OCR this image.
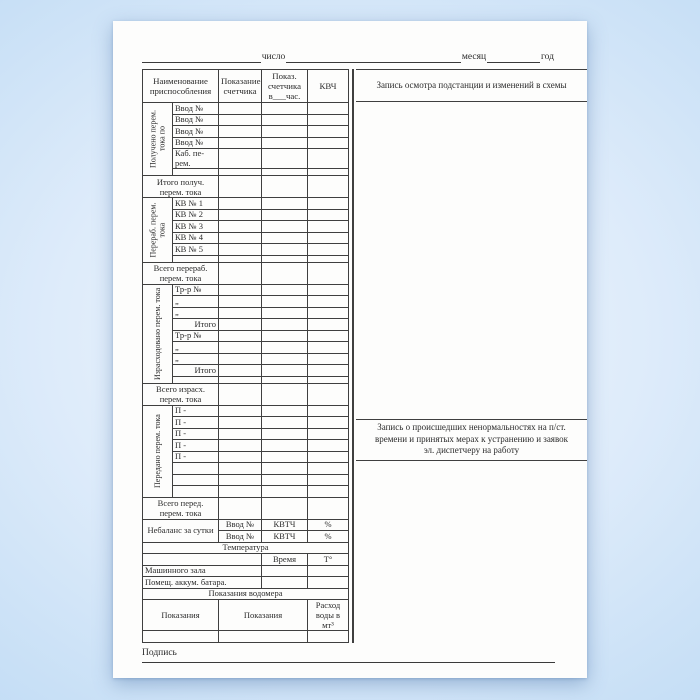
число	месяц	год
Наименование приспособления		Показание счетчика	Показ. счетчика в___час.	КВЧ

Получено перем. тока по	Ввод №			
	Ввод №			
	Ввод №			
	Ввод №			
	Каб. пе-рем.			

Итого получ. перем. тока				

Перераб. перем. тока	КВ № 1			
	КВ № 2			
	КВ № 3			
	КВ № 4			
	КВ № 5			

Всего перераб. перем. тока				

Израсходовано перем. тока	Тр-р №			
	„			
	„			
	Итого			
	Тр-р №			
	„			
	„			
	Итого			

Всего израсх. перем. тока				

Передано перем. тока	П -			
	П -			
	П -			
	П -			
	П -			

Всего перед. перем. тока				
Небаланс за сутки		Ввод №	КВТЧ	%
		Ввод №	КВТЧ	%
Температура				
			Время	Т°
Машинного зала				
Помещ. аккум. батара.				
Показания водомера				
Показания		Показания		Расход воды в мт³

Запись осмотра подстанции и изменений в схемы
Запись о происшедших ненормальностях на п/ст. времени и принятых мерах к устранению и заявок эл. диспетчеру на работу
Подпись
